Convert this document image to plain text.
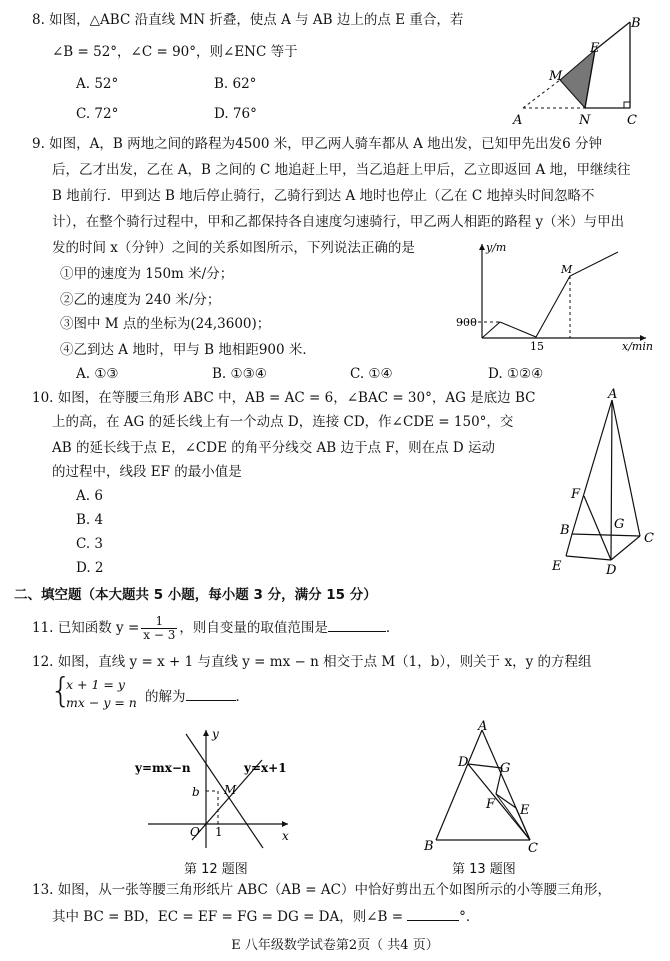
8. 如图，△ABC 沿直线 MN 折叠，使点 A 与 AB 边上的点 E 重合，若
∠B = 52°，∠C = 90°，则∠ENC 等于
A. 52°	B. 62°
C. 72°	D. 76°
B
E
M
A	N	C
9. 如图，A，B 两地之间的路程为4500 米，甲乙两人骑车都从 A 地出发，已知甲先出发6 分钟
后，乙才出发，乙在 A，B 之间的 C 地追赶上甲，当乙追赶上甲后，乙立即返回 A 地，甲继续往
B 地前行．甲到达 B 地后停止骑行，乙骑行到达 A 地时也停止（乙在 C 地掉头时间忽略不
计），在整个骑行过程中，甲和乙都保持各自速度匀速骑行，甲乙两人相距的路程 y（米）与甲出
发的时间 x（分钟）之间的关系如图所示，下列说法正确的是
①甲的速度为 150m 米/分；
②乙的速度为 240 米/分；
③图中 M 点的坐标为(24,3600)；
④乙到达 A 地时，甲与 B 地相距900 米．
A. ①③	B. ①③④	C. ①④	D. ①②④
y/m
x/min
900
15
M
10. 如图，在等腰三角形 ABC 中，AB = AC = 6，∠BAC = 30°，AG 是底边 BC
上的高，在 AG 的延长线上有一个动点 D，连接 CD，作∠CDE = 150°，交
AB 的延长线于点 E，∠CDE 的角平分线交 AB 边于点 F，则在点 D 运动
的过程中，线段 EF 的最小值是
A. 6
B. 4
C. 3
D. 2
A
F
B	G
C
E	D
二、填空题（本大题共 5 小题，每小题 3 分，满分 15 分）
11. 已知函数 $y = \frac{1}{x - 3}$ ，则自变量的取值范围是	．
12. 如图，直线 y = x + 1 与直线 y = mx − n 相交于点 M（1，b），则关于 x，y 的方程组
{
x + 1 = y
mx − y = n 的解为	．
y
x
y=mx−n	y=x+1
b M
O 1
第 12 题图
A
D G
F E
B	C
第 13 题图
13. 如图，从一张等腰三角形纸片 ABC（AB = AC）中恰好剪出五个如图所示的小等腰三角形，
其中 BC = BD，EC = EF = FG = DG = DA，则∠B =	°．
E 八年级数学试卷第2页（ 共4 页）
